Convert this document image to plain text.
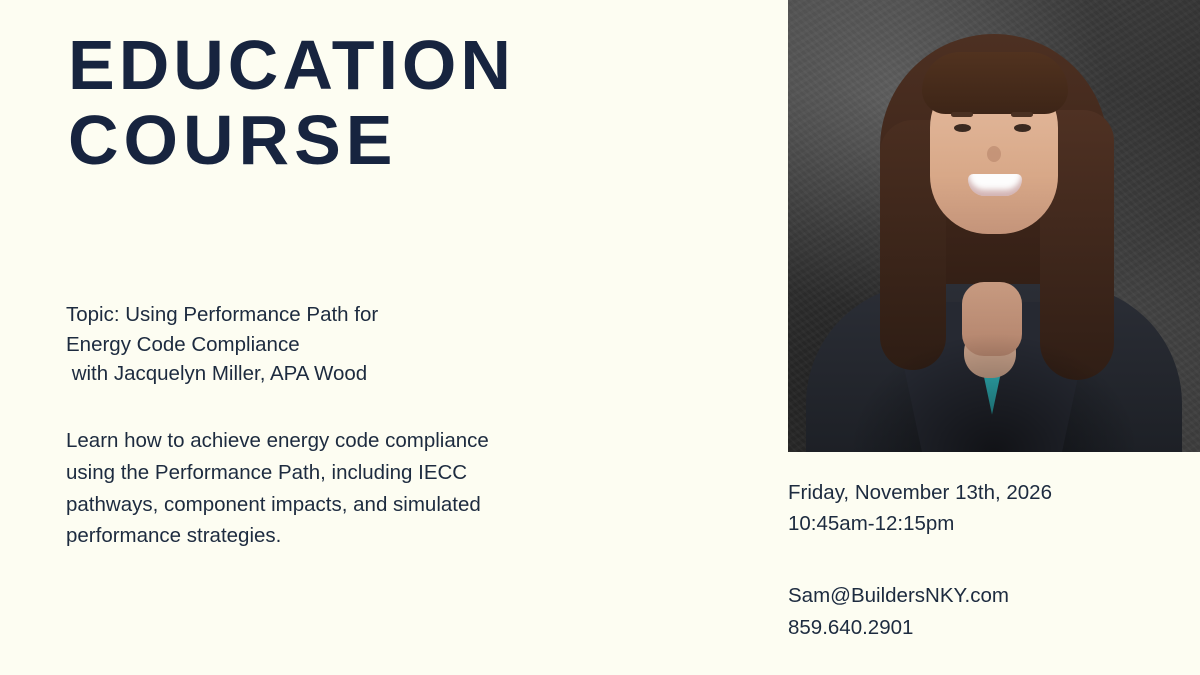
EDUCATION
COURSE
Topic: Using Performance Path for
Energy Code Compliance
with Jacquelyn Miller, APA Wood
Learn how to achieve energy code compliance using the Performance Path, including IECC pathways, component impacts, and simulated performance strategies.
Friday, November 13th, 2026
10:45am-12:15pm
Sam@BuildersNKY.com
859.640.2901
